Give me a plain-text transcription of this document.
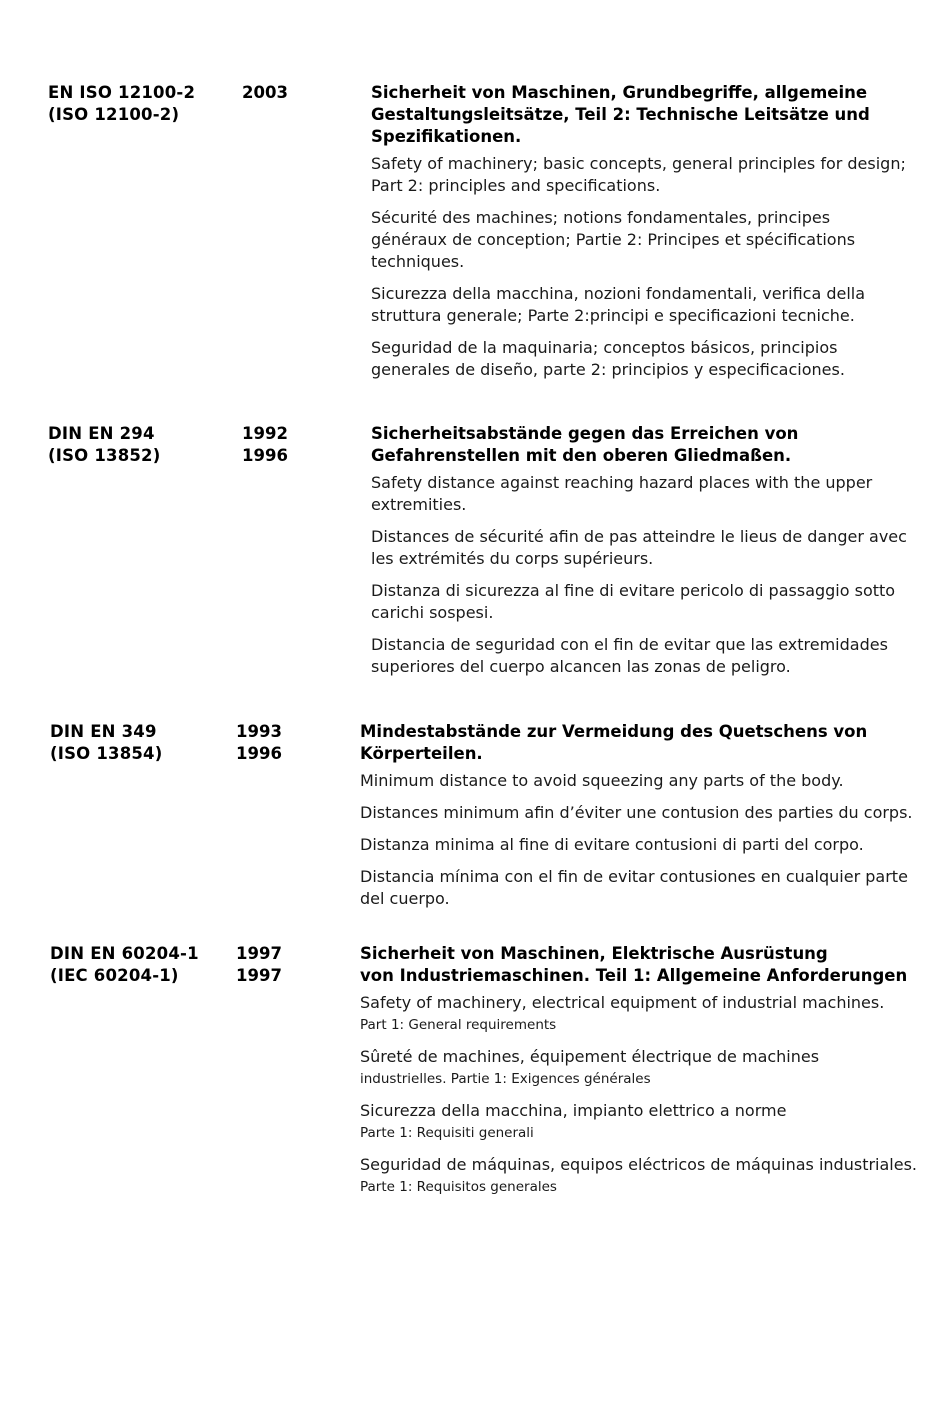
EN ISO 12100-2
(ISO 12100-2)
2003	Sicherheit von Maschinen, Grundbegriffe, allgemeine
Gestaltungsleitsätze, Teil 2: Technische Leitsätze und
Spezifikationen.

Safety of machinery; basic concepts, general principles for design;
Part 2: principles and specifications.

Sécurité des machines; notions fondamentales, principes
généraux de conception; Partie 2: Principes et spécifications
techniques.

Sicurezza della macchina, nozioni fondamentali, verifica della
struttura generale; Parte 2:principi e specificazioni tecniche.

Seguridad de la maquinaria; conceptos básicos, principios
generales de diseño, parte 2: principios y especificaciones.

DIN EN 294
(ISO 13852)
1992
1996

Sicherheitsabstände gegen das Erreichen von
Gefahrenstellen mit den oberen Gliedmaßen.

Safety distance against reaching hazard places with the upper
extremities.

Distances de sécurité afin de pas atteindre le lieus de danger avec
les extrémités du corps supérieurs.

Distanza di sicurezza al fine di evitare pericolo di passaggio sotto
carichi sospesi.

Distancia de seguridad con el fin de evitar que las extremidades
superiores del cuerpo alcancen las zonas de peligro.

DIN EN 349
(ISO 13854)
1993
1996

Mindestabstände zur Vermeidung des Quetschens von
Körperteilen.

Minimum distance to avoid squeezing any parts of the body.

Distances minimum afin d’éviter une contusion des parties du corps.

Distanza minima al fine di evitare contusioni di parti del corpo.

Distancia mínima con el fin de evitar contusiones en cualquier parte
del cuerpo.

DIN EN 60204-1
(IEC 60204-1)
1997
1997

Sicherheit von Maschinen, Elektrische Ausrüstung
von Industriemaschinen. Teil 1: Allgemeine Anforderungen

Safety of machinery, electrical equipment of industrial machines.
Part 1: General requirements

Sûreté de machines, équipement électrique de machines
industrielles. Partie 1: Exigences générales

Sicurezza della macchina, impianto elettrico a norme
Parte 1: Requisiti generali

Seguridad de máquinas, equipos eléctricos de máquinas industriales.
Parte 1: Requisitos generales
